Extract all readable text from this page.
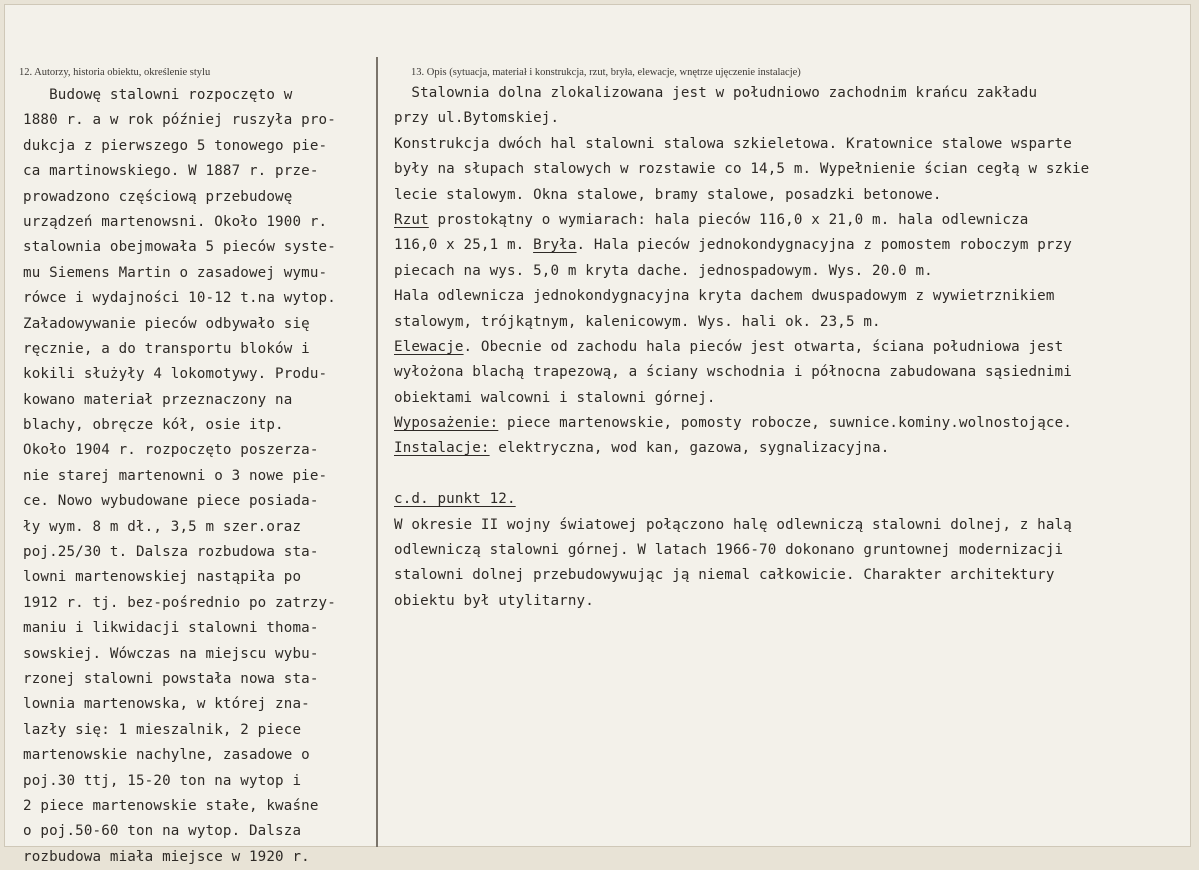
12. Autorzy, historia obiektu, określenie stylu	13. Opis (sytuacja, materiał i konstrukcja, rzut, bryła, elewacje, wnętrze ujęczenie instalacje)
Budowę stalowni rozpoczęto w
1880 r. a w rok później ruszyła pro-
dukcja z pierwszego 5 tonowego pie-
ca martinowskiego. W 1887 r. prze-
prowadzono częściową przebudowę
urządzeń martenowsni. Około 1900 r.
stalownia obejmowała 5 pieców syste-
mu Siemens Martin o zasadowej wymu-
rówce i wydajności 10-12 t.na wytop.
Załadowywanie pieców odbywało się
ręcznie, a do transportu bloków i
kokili służyły 4 lokomotywy. Produ-
kowano materiał przeznaczony na
blachy, obręcze kół, osie itp.
Około 1904 r. rozpoczęto poszerza-
nie starej martenowni o 3 nowe pie-
ce. Nowo wybudowane piece posiada-
ły wym. 8 m dł., 3,5 m szer.oraz
poj.25/30 t. Dalsza rozbudowa sta-
lowni martenowskiej nastąpiła po
1912 r. tj. bez-pośrednio po zatrzy-
maniu i likwidacji stalowni thoma-
sowskiej. Wówczas na miejscu wybu-
rzonej stalowni powstała nowa sta-
lownia martenowska, w której zna-
lazły się: 1 mieszalnik, 2 piece
martenowskie nachylne, zasadowe o
poj.30 ttj, 15-20 ton na wytop i
2 piece martenowskie stałe, kwaśne
o poj.50-60 ton na wytop. Dalsza
rozbudowa miała miejsce w 1920 r.
Stalownia dolna zlokalizowana jest w południowo zachodnim krańcu zakładu
przy ul.Bytomskiej.
Konstrukcja dwóch hal stalowni stalowa szkieletowa. Kratownice stalowe wsparte
były na słupach stalowych w rozstawie co 14,5 m. Wypełnienie ścian cegłą w szkie
lecie stalowym. Okna stalowe, bramy stalowe, posadzki betonowe.
Rzut prostokątny o wymiarach: hala pieców 116,0 x 21,0 m. hala odlewnicza
116,0 x 25,1 m. Bryła. Hala pieców jednokondygnacyjna z pomostem roboczym przy
piecach na wys. 5,0 m kryta dache. jednospadowym. Wys. 20.0 m.
Hala odlewnicza jednokondygnacyjna kryta dachem dwuspadowym z wywietrznikiem
stalowym, trójkątnym, kalenicowym. Wys. hali ok. 23,5 m.
Elewacje. Obecnie od zachodu hala pieców jest otwarta, ściana południowa jest
wyłożona blachą trapezową, a ściany wschodnia i północna zabudowana sąsiednimi
obiektami walcowni i stalowni górnej.
Wyposażenie: piece martenowskie, pomosty robocze, suwnice.kominy.wolnostojące.
Instalacje: elektryczna, wod kan, gazowa, sygnalizacyjna.
c.d. punkt 12.
W okresie II wojny światowej połączono halę odlewniczą stalowni dolnej, z halą
odlewniczą stalowni górnej. W latach 1966-70 dokonano gruntownej modernizacji
stalowni dolnej przebudowywując ją niemal całkowicie. Charakter architektury
obiektu był utylitarny.
